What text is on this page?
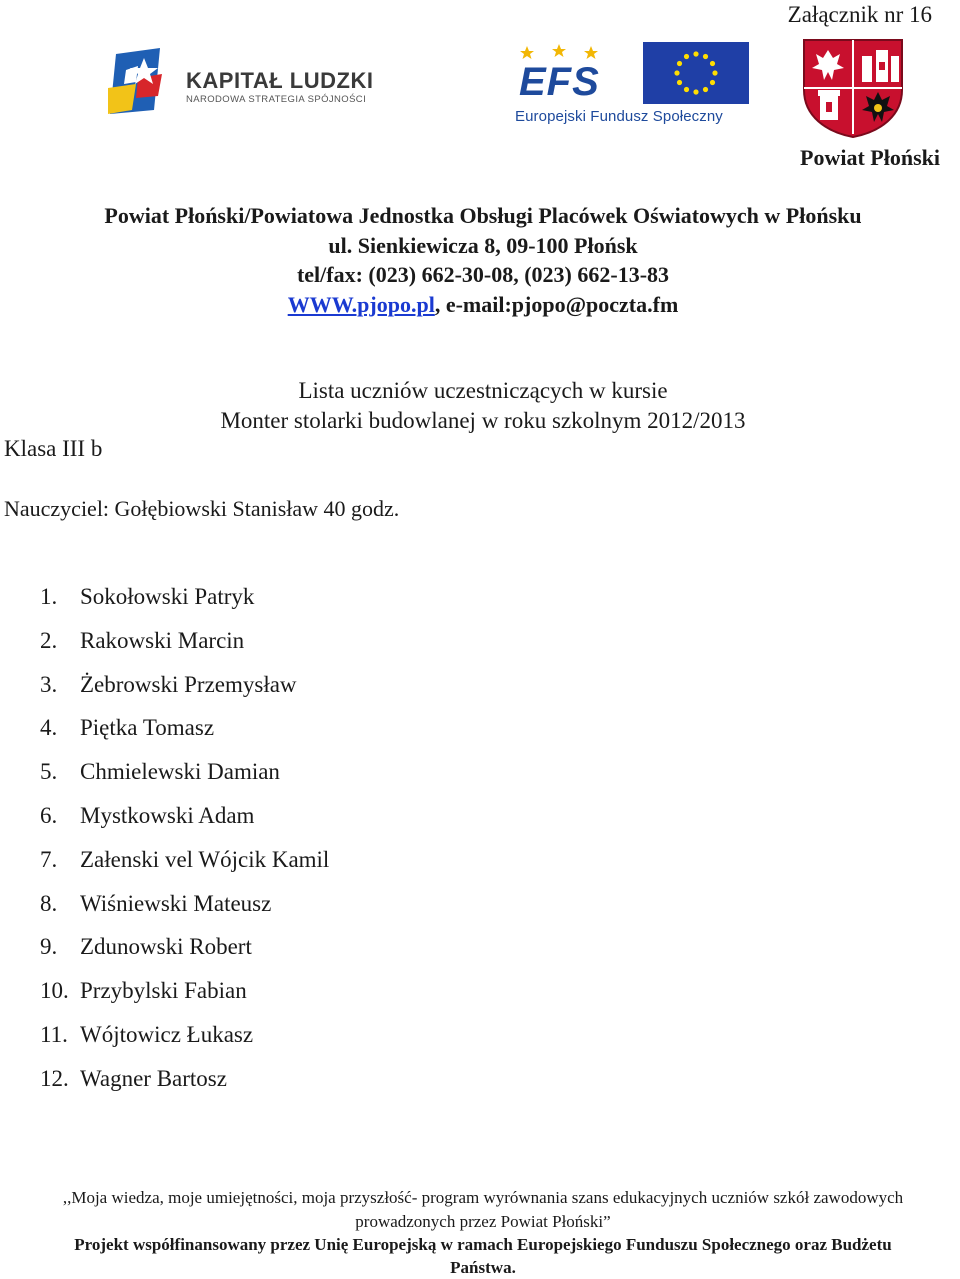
Załącznik nr 16
KAPITAŁ LUDZKI
NARODOWA STRATEGIA SPÓJNOŚCI	EFS
Europejski Fundusz Społeczny
Powiat Płoński
Powiat Płoński/Powiatowa Jednostka Obsługi Placówek Oświatowych w Płońsku
ul. Sienkiewicza 8, 09-100 Płońsk
tel/fax: (023) 662-30-08, (023) 662-13-83
WWW.pjopo.pl, e-mail:pjopo@poczta.fm
Lista uczniów uczestniczących w kursie
Monter stolarki budowlanej w roku szkolnym 2012/2013
Klasa III b
Nauczyciel: Gołębiowski Stanisław 40 godz.
1. Sokołowski Patryk
2. Rakowski Marcin
3. Żebrowski Przemysław
4. Piętka Tomasz
5. Chmielewski Damian
6. Mystkowski Adam
7. Załenski vel Wójcik Kamil
8. Wiśniewski Mateusz
9. Zdunowski Robert
10. Przybylski Fabian
11. Wójtowicz Łukasz
12. Wagner Bartosz
,,Moja wiedza, moje umiejętności, moja przyszłość- program wyrównania szans edukacyjnych uczniów szkół zawodowych
prowadzonych przez Powiat Płoński”
Projekt współfinansowany przez Unię Europejską w ramach Europejskiego Funduszu Społecznego oraz Budżetu
Państwa.
